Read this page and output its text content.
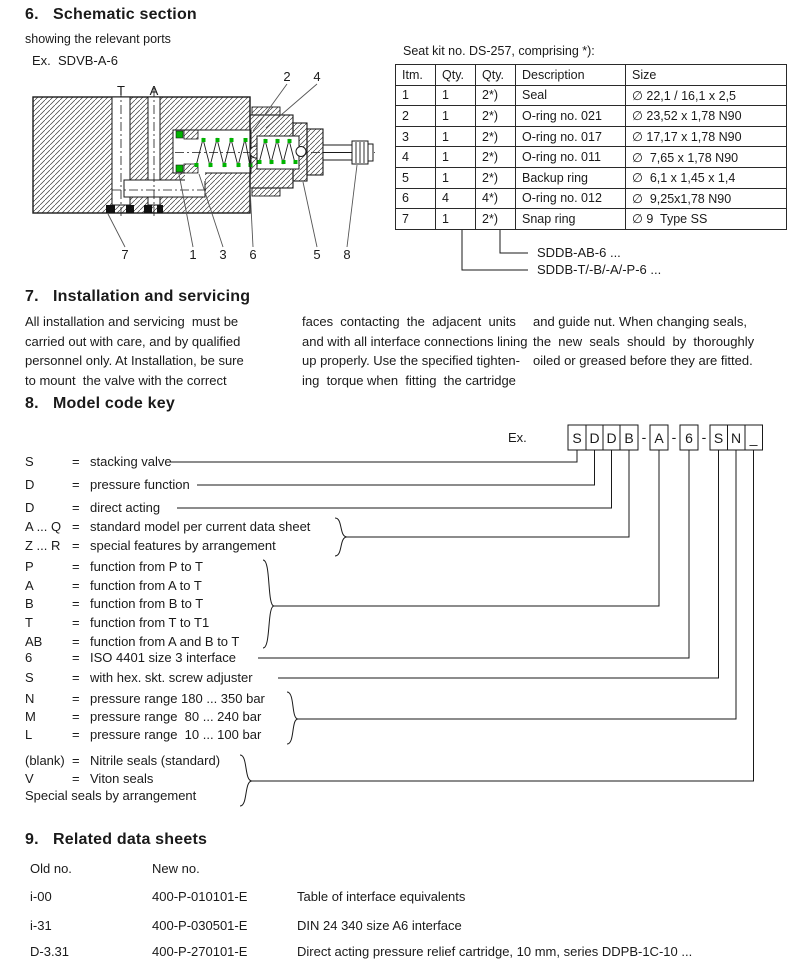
6. Schematic section
showing the relevant ports
Ex.  SDVB-A-6
T A
2 4
7	1 3 6	5 8
Seat kit no. DS-257, comprising *):
Itm.	Qty.	Qty.	Description	Size
1	1	2*)	Seal	∅ 22,1 / 16,1 x 2,5
2	1	2*)	O-ring no. 021	∅ 23,52 x 1,78 N90
3	1	2*)	O-ring no. 017	∅ 17,17 x 1,78 N90
4	1	2*)	O-ring no. 011	∅  7,65 x 1,78 N90
5	1	2*)	Backup ring	∅  6,1 x 1,45 x 1,4
6	4	4*)	O-ring no. 012	∅  9,25x1,78 N90
7	1	2*)	Snap ring	∅ 9  Type SS
SDDB-AB-6 ...
SDDB-T/-B/-A/-P-6 ...
7. Installation and servicing
All installation and servicing  must be
carried out with care, and by qualified
personnel only. At Installation, be sure
to mount  the valve with the correct
faces  contacting  the  adjacent  units
and with all interface connections lining
up properly. Use the specified tighten-
ing  torque when  fitting  the cartridge
and guide nut. When changing seals,
the  new  seals  should  by  thoroughly
oiled or greased before they are fitted.
8. Model code key
Ex.	S D D B A 6 S N _
- - -
S	= stacking valve
D	= pressure function
D	= direct acting
A ... Q = standard model per current data sheet
Z ... R = special features by arrangement
P	= function from P to T
A	= function from A to T
B	= function from B to T
T	= function from T to T1
AB = function from A and B to T
6	= ISO 4401 size 3 interface
S	= with hex. skt. screw adjuster
N	= pressure range 180 ... 350 bar
M	= pressure range  80 ... 240 bar
L	= pressure range  10 ... 100 bar
(blank) = Nitrile seals (standard)
V	= Viton seals
Special seals by arrangement
9. Related data sheets
Old no.	New no.
i-00	400-P-010101-E	Table of interface equivalents
i-31	400-P-030501-E	DIN 24 340 size A6 interface
D-3.31	400-P-270101-E	Direct acting pressure relief cartridge, 10 mm, series DDPB-1C-10 ...
